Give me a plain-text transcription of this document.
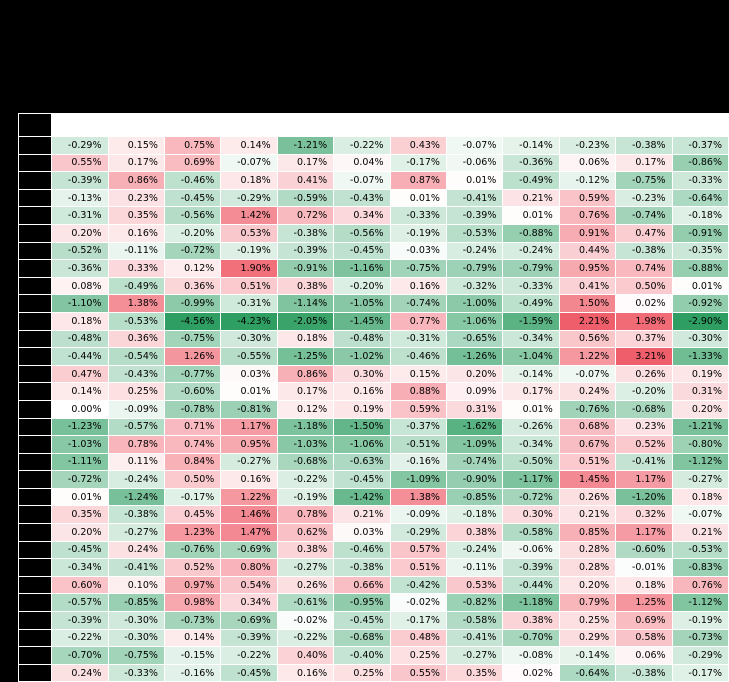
	-0.29%	0.15%	0.75%	0.14%	-1.21%	-0.22%	0.43%	-0.07%	-0.14%	-0.23%	-0.38%	-0.37%
	0.55%	0.17%	0.69%	-0.07%	0.17%	0.04%	-0.17%	-0.06%	-0.36%	0.06%	0.17%	-0.86%
	-0.39%	0.86%	-0.46%	0.18%	0.41%	-0.07%	0.87%	0.01%	-0.49%	-0.12%	-0.75%	-0.33%
	-0.13%	0.23%	-0.45%	-0.29%	-0.59%	-0.43%	0.01%	-0.41%	0.21%	0.59%	-0.23%	-0.64%
	-0.31%	0.35%	-0.56%	1.42%	0.72%	0.34%	-0.33%	-0.39%	0.01%	0.76%	-0.74%	-0.18%
	0.20%	0.16%	-0.20%	0.53%	-0.38%	-0.56%	-0.19%	-0.53%	-0.88%	0.91%	0.47%	-0.91%
	-0.52%	-0.11%	-0.72%	-0.19%	-0.39%	-0.45%	-0.03%	-0.24%	-0.24%	0.44%	-0.38%	-0.35%
	-0.36%	0.33%	0.12%	1.90%	-0.91%	-1.16%	-0.75%	-0.79%	-0.79%	0.95%	0.74%	-0.88%
	0.08%	-0.49%	0.36%	0.51%	0.38%	-0.20%	0.16%	-0.32%	-0.33%	0.41%	0.50%	0.01%
	-1.10%	1.38%	-0.99%	-0.31%	-1.14%	-1.05%	-0.74%	-1.00%	-0.49%	1.50%	0.02%	-0.92%
	0.18%	-0.53%	-4.56%	-4.23%	-2.05%	-1.45%	0.77%	-1.06%	-1.59%	2.21%	1.98%	-2.90%
	-0.48%	0.36%	-0.75%	-0.30%	0.18%	-0.48%	-0.31%	-0.65%	-0.34%	0.56%	0.37%	-0.30%
	-0.44%	-0.54%	1.26%	-0.55%	-1.25%	-1.02%	-0.46%	-1.26%	-1.04%	1.22%	3.21%	-1.33%
	0.47%	-0.43%	-0.77%	0.03%	0.86%	0.30%	0.15%	0.20%	-0.14%	-0.07%	0.26%	0.19%
	0.14%	0.25%	-0.60%	0.01%	0.17%	0.16%	0.88%	0.09%	0.17%	0.24%	-0.20%	0.31%
	0.00%	-0.09%	-0.78%	-0.81%	0.12%	0.19%	0.59%	0.31%	0.01%	-0.76%	-0.68%	0.20%
	-1.23%	-0.57%	0.71%	1.17%	-1.18%	-1.50%	-0.37%	-1.62%	-0.26%	0.68%	0.23%	-1.21%
	-1.03%	0.78%	0.74%	0.95%	-1.03%	-1.06%	-0.51%	-1.09%	-0.34%	0.67%	0.52%	-0.80%
	-1.11%	0.11%	0.84%	-0.27%	-0.68%	-0.63%	-0.16%	-0.74%	-0.50%	0.51%	-0.41%	-1.12%
	-0.72%	-0.24%	0.50%	0.16%	-0.22%	-0.45%	-1.09%	-0.90%	-1.17%	1.45%	1.17%	-0.27%
	0.01%	-1.24%	-0.17%	1.22%	-0.19%	-1.42%	1.38%	-0.85%	-0.72%	0.26%	-1.20%	0.18%
	0.35%	-0.38%	0.45%	1.46%	0.78%	0.21%	-0.09%	-0.18%	0.30%	0.21%	0.32%	-0.07%
	0.20%	-0.27%	1.23%	1.47%	0.62%	0.03%	-0.29%	0.38%	-0.58%	0.85%	1.17%	0.21%
	-0.45%	0.24%	-0.76%	-0.69%	0.38%	-0.46%	0.57%	-0.24%	-0.06%	0.28%	-0.60%	-0.53%
	-0.34%	-0.41%	0.52%	0.80%	-0.27%	-0.38%	0.51%	-0.11%	-0.39%	0.28%	-0.01%	-0.83%
	0.60%	0.10%	0.97%	0.54%	0.26%	0.66%	-0.42%	0.53%	-0.44%	0.20%	0.18%	0.76%
	-0.57%	-0.85%	0.98%	0.34%	-0.61%	-0.95%	-0.02%	-0.82%	-1.18%	0.79%	1.25%	-1.12%
	-0.39%	-0.30%	-0.73%	-0.69%	-0.02%	-0.45%	-0.17%	-0.58%	0.38%	0.25%	0.69%	-0.19%
	-0.22%	-0.30%	0.14%	-0.39%	-0.22%	-0.68%	0.48%	-0.41%	-0.70%	0.29%	0.58%	-0.73%
	-0.70%	-0.75%	-0.15%	-0.22%	0.40%	-0.40%	0.25%	-0.27%	-0.08%	-0.14%	0.06%	-0.29%
	0.24%	-0.33%	-0.16%	-0.45%	0.16%	0.25%	0.55%	0.35%	0.02%	-0.64%	-0.38%	-0.17%
